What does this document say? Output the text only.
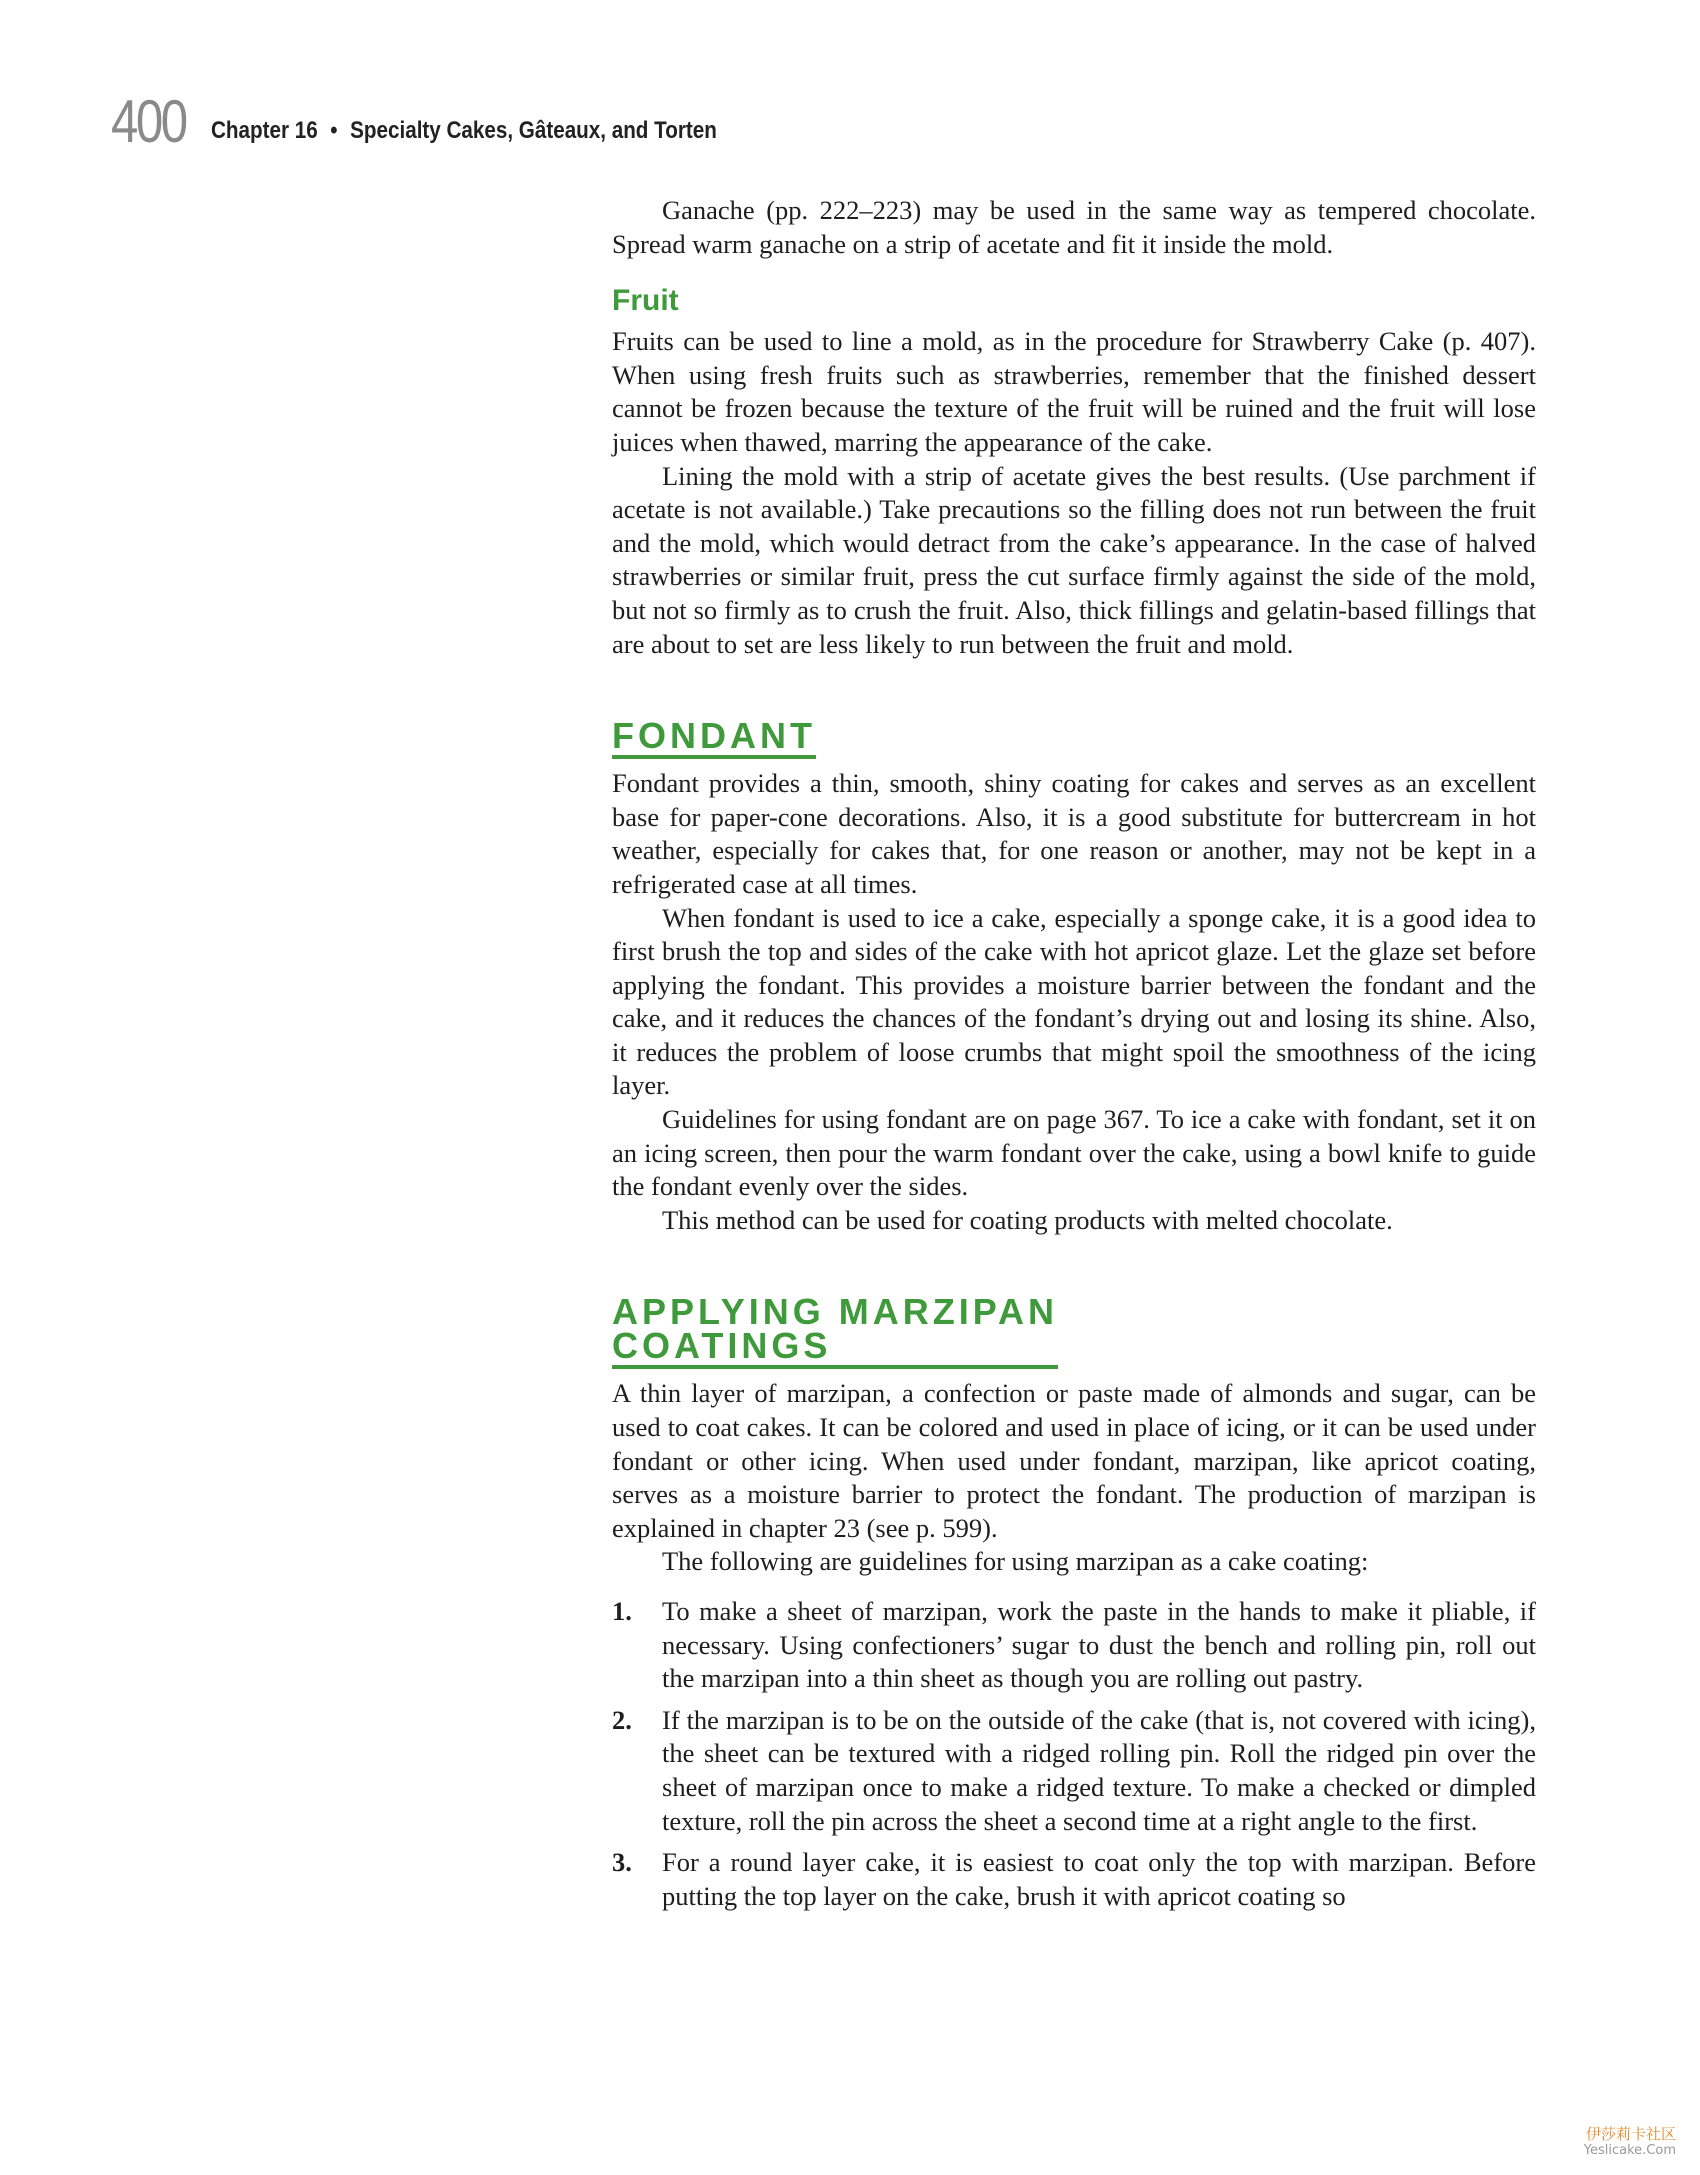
400 Chapter 16 • Specialty Cakes, Gâteaux, and Torten

Ganache (pp. 222–223) may be used in the same way as tempered chocolate. Spread warm ganache on a strip of acetate and fit it inside the mold.

Fruit

Fruits can be used to line a mold, as in the procedure for Strawberry Cake (p. 407). When using fresh fruits such as strawberries, remember that the finished dessert cannot be frozen because the texture of the fruit will be ruined and the fruit will lose juices when thawed, marring the appearance of the cake.

Lining the mold with a strip of acetate gives the best results. (Use parchment if acetate is not available.) Take precautions so the filling does not run between the fruit and the mold, which would detract from the cake’s appearance. In the case of halved strawberries or similar fruit, press the cut surface firmly against the side of the mold, but not so firmly as to crush the fruit. Also, thick fillings and gelatin-based fillings that are about to set are less likely to run between the fruit and mold.

FONDANT

Fondant provides a thin, smooth, shiny coating for cakes and serves as an excellent base for paper-cone decorations. Also, it is a good substitute for buttercream in hot weather, especially for cakes that, for one reason or another, may not be kept in a refrigerated case at all times.

When fondant is used to ice a cake, especially a sponge cake, it is a good idea to first brush the top and sides of the cake with hot apricot glaze. Let the glaze set before applying the fondant. This provides a moisture barrier between the fondant and the cake, and it reduces the chances of the fondant’s drying out and losing its shine. Also, it reduces the problem of loose crumbs that might spoil the smoothness of the icing layer.

Guidelines for using fondant are on page 367. To ice a cake with fondant, set it on an icing screen, then pour the warm fondant over the cake, using a bowl knife to guide the fondant evenly over the sides.

This method can be used for coating products with melted chocolate.

APPLYING MARZIPAN
COATINGS

A thin layer of marzipan, a confection or paste made of almonds and sugar, can be used to coat cakes. It can be colored and used in place of icing, or it can be used under fondant or other icing. When used under fondant, marzipan, like apricot coating, serves as a moisture barrier to protect the fondant. The production of marzipan is explained in chapter 23 (see p. 599).

The following are guidelines for using marzipan as a cake coating:

1. To make a sheet of marzipan, work the paste in the hands to make it pliable, if necessary. Using confectioners’ sugar to dust the bench and rolling pin, roll out the marzipan into a thin sheet as though you are rolling out pastry.
2. If the marzipan is to be on the outside of the cake (that is, not covered with icing), the sheet can be textured with a ridged rolling pin. Roll the ridged pin over the sheet of marzipan once to make a ridged texture. To make a checked or dimpled texture, roll the pin across the sheet a second time at a right angle to the first.
3. For a round layer cake, it is easiest to coat only the top with marzipan. Before putting the top layer on the cake, brush it with apricot coating so
伊莎莉卡社区
Yeslicake.Com
